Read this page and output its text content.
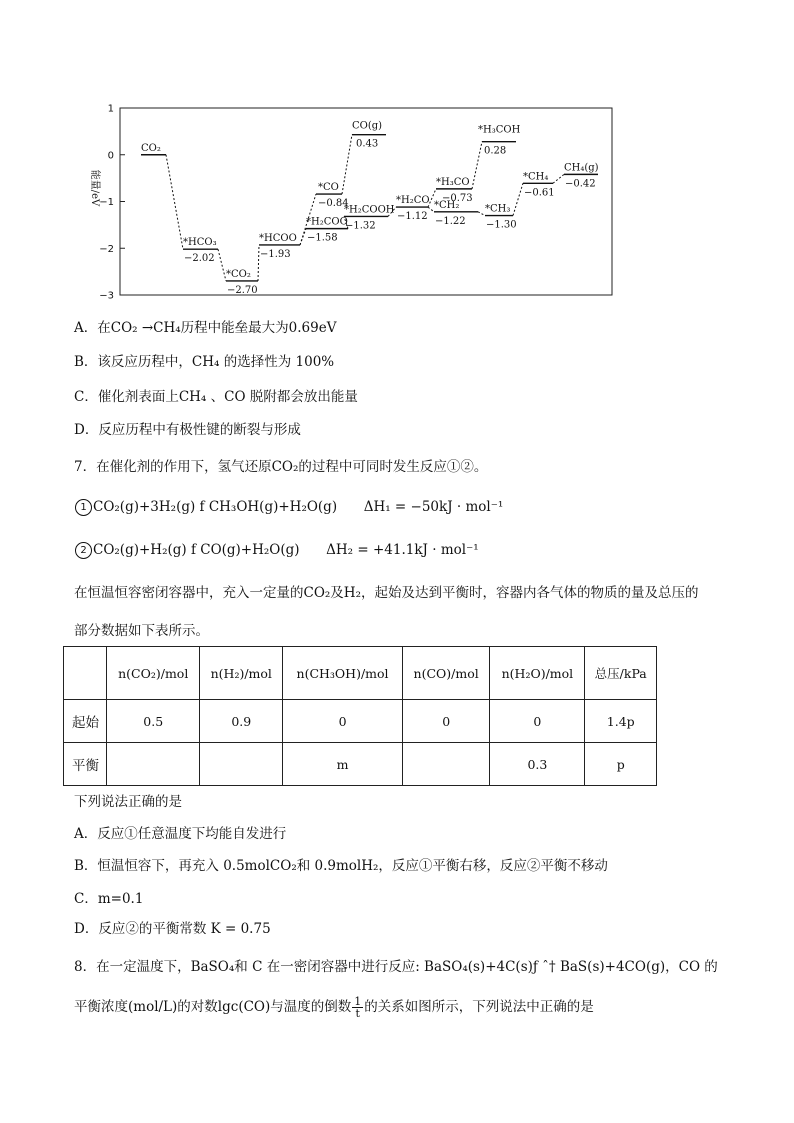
1
0
−1
−2
−3
能量/eV
CO₂
*HCO₃
−2.02
*CO₂
−2.70
*HCOO
−1.93
*H₂COO
−1.58
*H₂COOH
−1.32
*H₂CO
−1.12
*CH₂
−1.22
*CH₃
−1.30
*CH₄
−0.61
CH₄(g)
−0.42
*CO
−0.84
CO(g)
0.43
*H₃CO
−0.73
*H₃COH
0.28
A．在CO₂ →CH₄历程中能垒最大为0.69eV
B．该反应历程中，CH₄ 的选择性为 100%
C．催化剂表面上CH₄ 、CO 脱附都会放出能量
D．反应历程中有极性键的断裂与形成
7．在催化剂的作用下，氢气还原CO₂的过程中可同时发生反应①②。
1 CO₂(g)+3H₂(g) f CH₃OH(g)+H₂O(g) ΔH₁ = −50kJ · mol⁻¹
2 CO₂(g)+H₂(g) f CO(g)+H₂O(g) ΔH₂ = +41.1kJ · mol⁻¹
在恒温恒容密闭容器中，充入一定量的CO₂及H₂，起始及达到平衡时，容器内各气体的物质的量及总压的
部分数据如下表所示。
	n(CO₂)/mol	n(H₂)/mol	n(CH₃OH)/mol	n(CO)/mol	n(H₂O)/mol	总压/kPa
起始	0.5	0.9	0	0	0	1.4p
平衡			m		0.3	p
下列说法正确的是
A．反应①任意温度下均能自发进行
B．恒温恒容下，再充入 0.5molCO₂和 0.9molH₂，反应①平衡右移，反应②平衡不移动
C．m=0.1
D．反应②的平衡常数 K = 0.75
8．在一定温度下，BaSO₄和 C 在一密闭容器中进行反应: BaSO₄(s)+4C(s)ƒ ˆ† BaS(s)+4CO(g)，CO 的
平衡浓度(mol/L)的对数lgc(CO)与温度的倒数 $\frac{1}{t}$ 的关系如图所示，下列说法中正确的是
